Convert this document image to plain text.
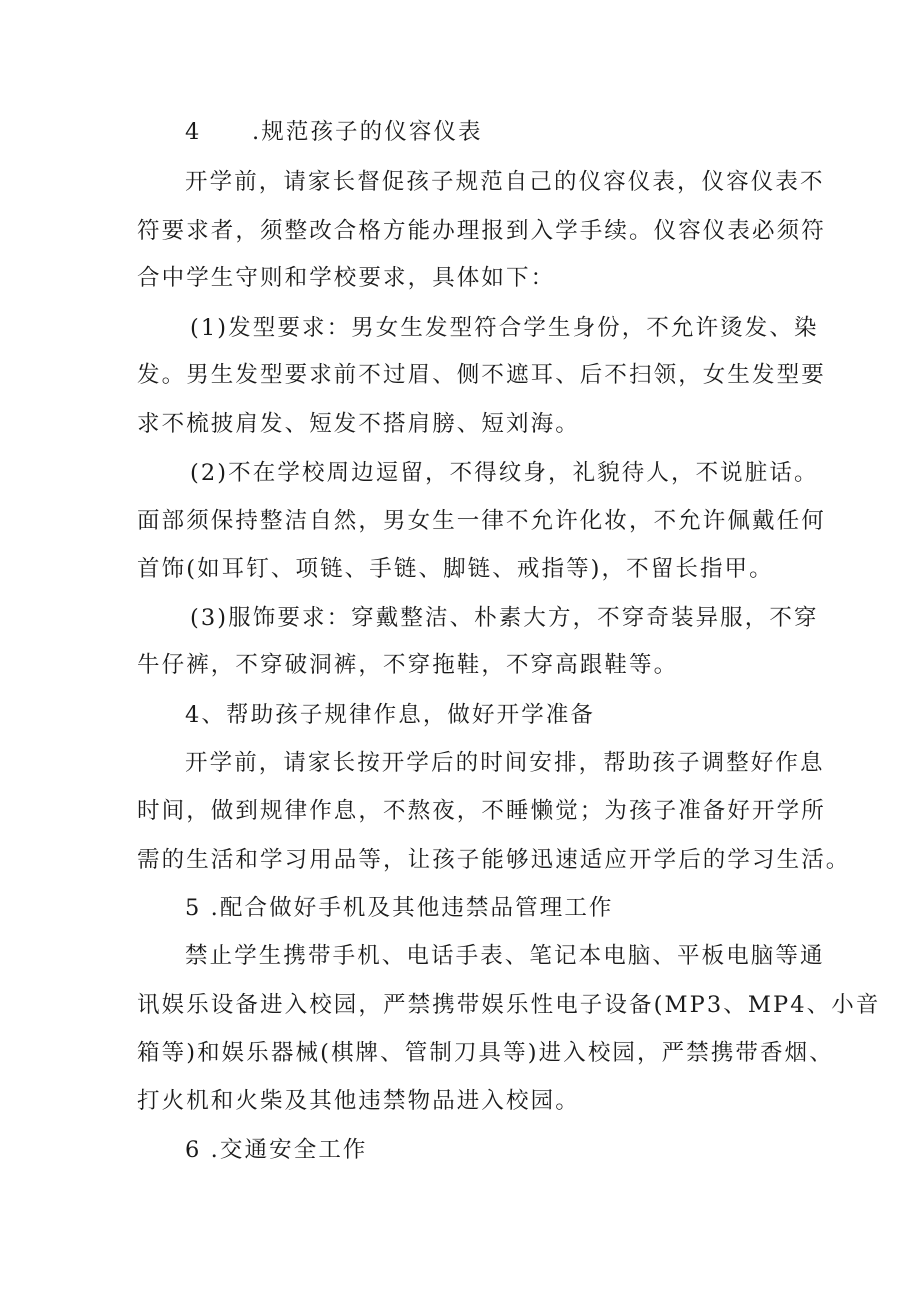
4 .规范孩子的仪容仪表
开学前，请家长督促孩子规范自己的仪容仪表，仪容仪表不
符要求者，须整改合格方能办理报到入学手续。仪容仪表必须符
合中学生守则和学校要求，具体如下：
(1)发型要求：男女生发型符合学生身份，不允许烫发、染
发。男生发型要求前不过眉、侧不遮耳、后不扫领，女生发型要
求不梳披肩发、短发不搭肩膀、短刘海。
(2)不在学校周边逗留，不得纹身，礼貌待人，不说脏话。
面部须保持整洁自然，男女生一律不允许化妆，不允许佩戴任何
首饰(如耳钉、项链、手链、脚链、戒指等)，不留长指甲。
(3)服饰要求：穿戴整洁、朴素大方，不穿奇装异服，不穿
牛仔裤，不穿破洞裤，不穿拖鞋，不穿高跟鞋等。
4、帮助孩子规律作息，做好开学准备
开学前，请家长按开学后的时间安排，帮助孩子调整好作息
时间，做到规律作息，不熬夜，不睡懒觉；为孩子准备好开学所
需的生活和学习用品等，让孩子能够迅速适应开学后的学习生活。
5 .配合做好手机及其他违禁品管理工作
禁止学生携带手机、电话手表、笔记本电脑、平板电脑等通
讯娱乐设备进入校园，严禁携带娱乐性电子设备(MP3、MP4、小音
箱等)和娱乐器械(棋牌、管制刀具等)进入校园，严禁携带香烟、
打火机和火柴及其他违禁物品进入校园。
6 .交通安全工作
